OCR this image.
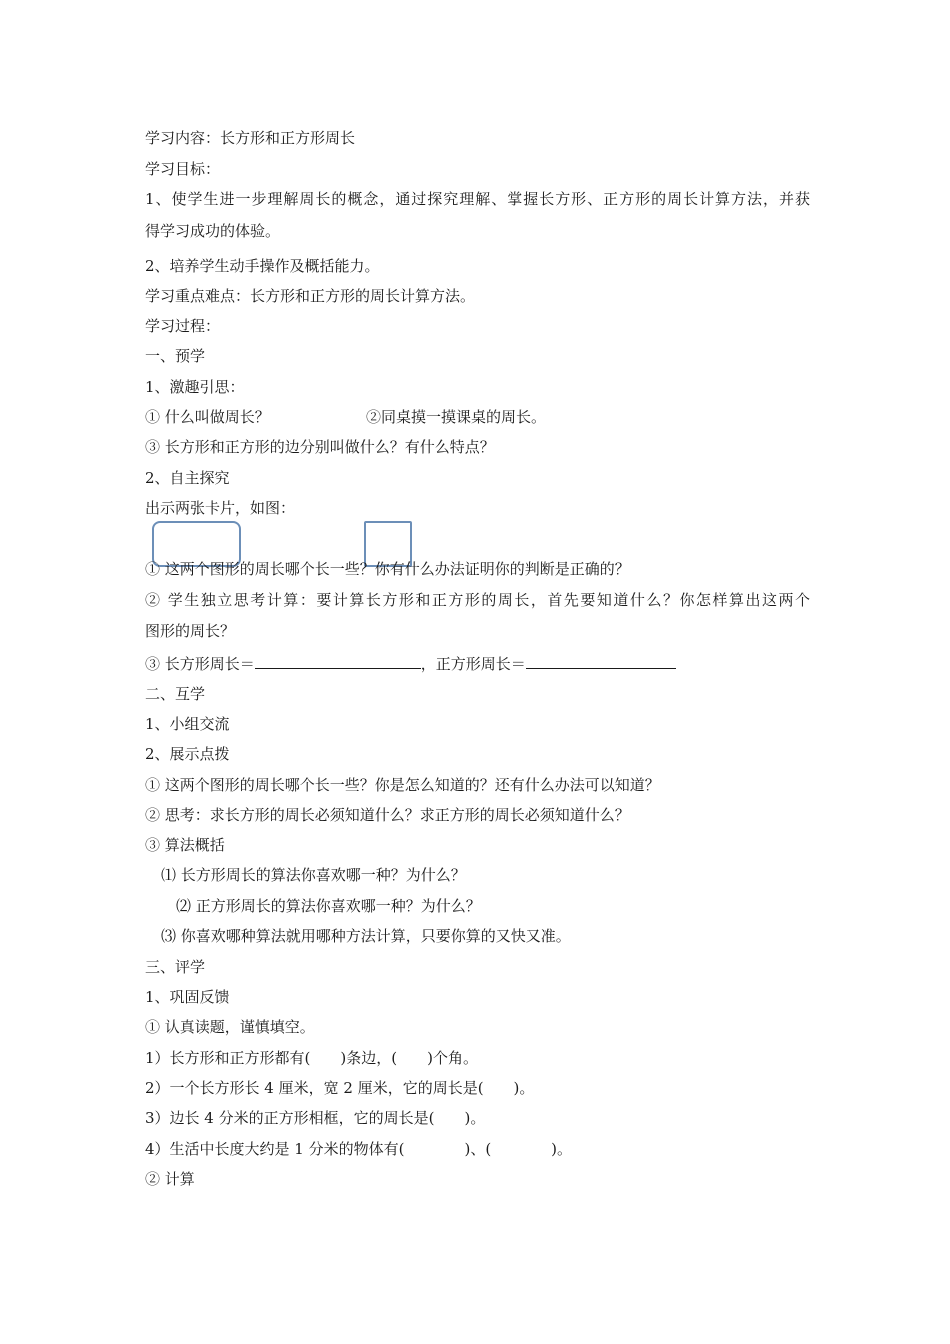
学习内容：长方形和正方形周长
学习目标：
1、使学生进一步理解周长的概念，通过探究理解、掌握长方形、正方形的周长计算方法，并获
得学习成功的体验。
2、培养学生动手操作及概括能力。
学习重点难点：长方形和正方形的周长计算方法。
学习过程：
一、预学
1、激趣引思：
① 什么叫做周长？	②同桌摸一摸课桌的周长。
③ 长方形和正方形的边分别叫做什么？有什么特点？
2、自主探究
出示两张卡片，如图：
① 这两个图形的周长哪个长一些？你有什么办法证明你的判断是正确的？
② 学生独立思考计算：要计算长方形和正方形的周长，首先要知道什么？你怎样算出这两个
图形的周长？
③ 长方形周长＝	，正方形周长＝
二、互学
1、小组交流
2、展示点拨
① 这两个图形的周长哪个长一些？你是怎么知道的？还有什么办法可以知道？
② 思考：求长方形的周长必须知道什么？求正方形的周长必须知道什么？
③ 算法概括
⑴ 长方形周长的算法你喜欢哪一种？为什么？
⑵ 正方形周长的算法你喜欢哪一种？为什么？
⑶ 你喜欢哪种算法就用哪种方法计算，只要你算的又快又准。
三、评学
1、巩固反馈
① 认真读题，谨慎填空。
1）长方形和正方形都有(　　)条边，(　　)个角。
2）一个长方形长 4 厘米，宽 2 厘米，它的周长是(　　)。
3）边长 4 分米的正方形相框，它的周长是(　　)。
4）生活中长度大约是 1 分米的物体有(　　　　)、(　　　　)。
② 计算
